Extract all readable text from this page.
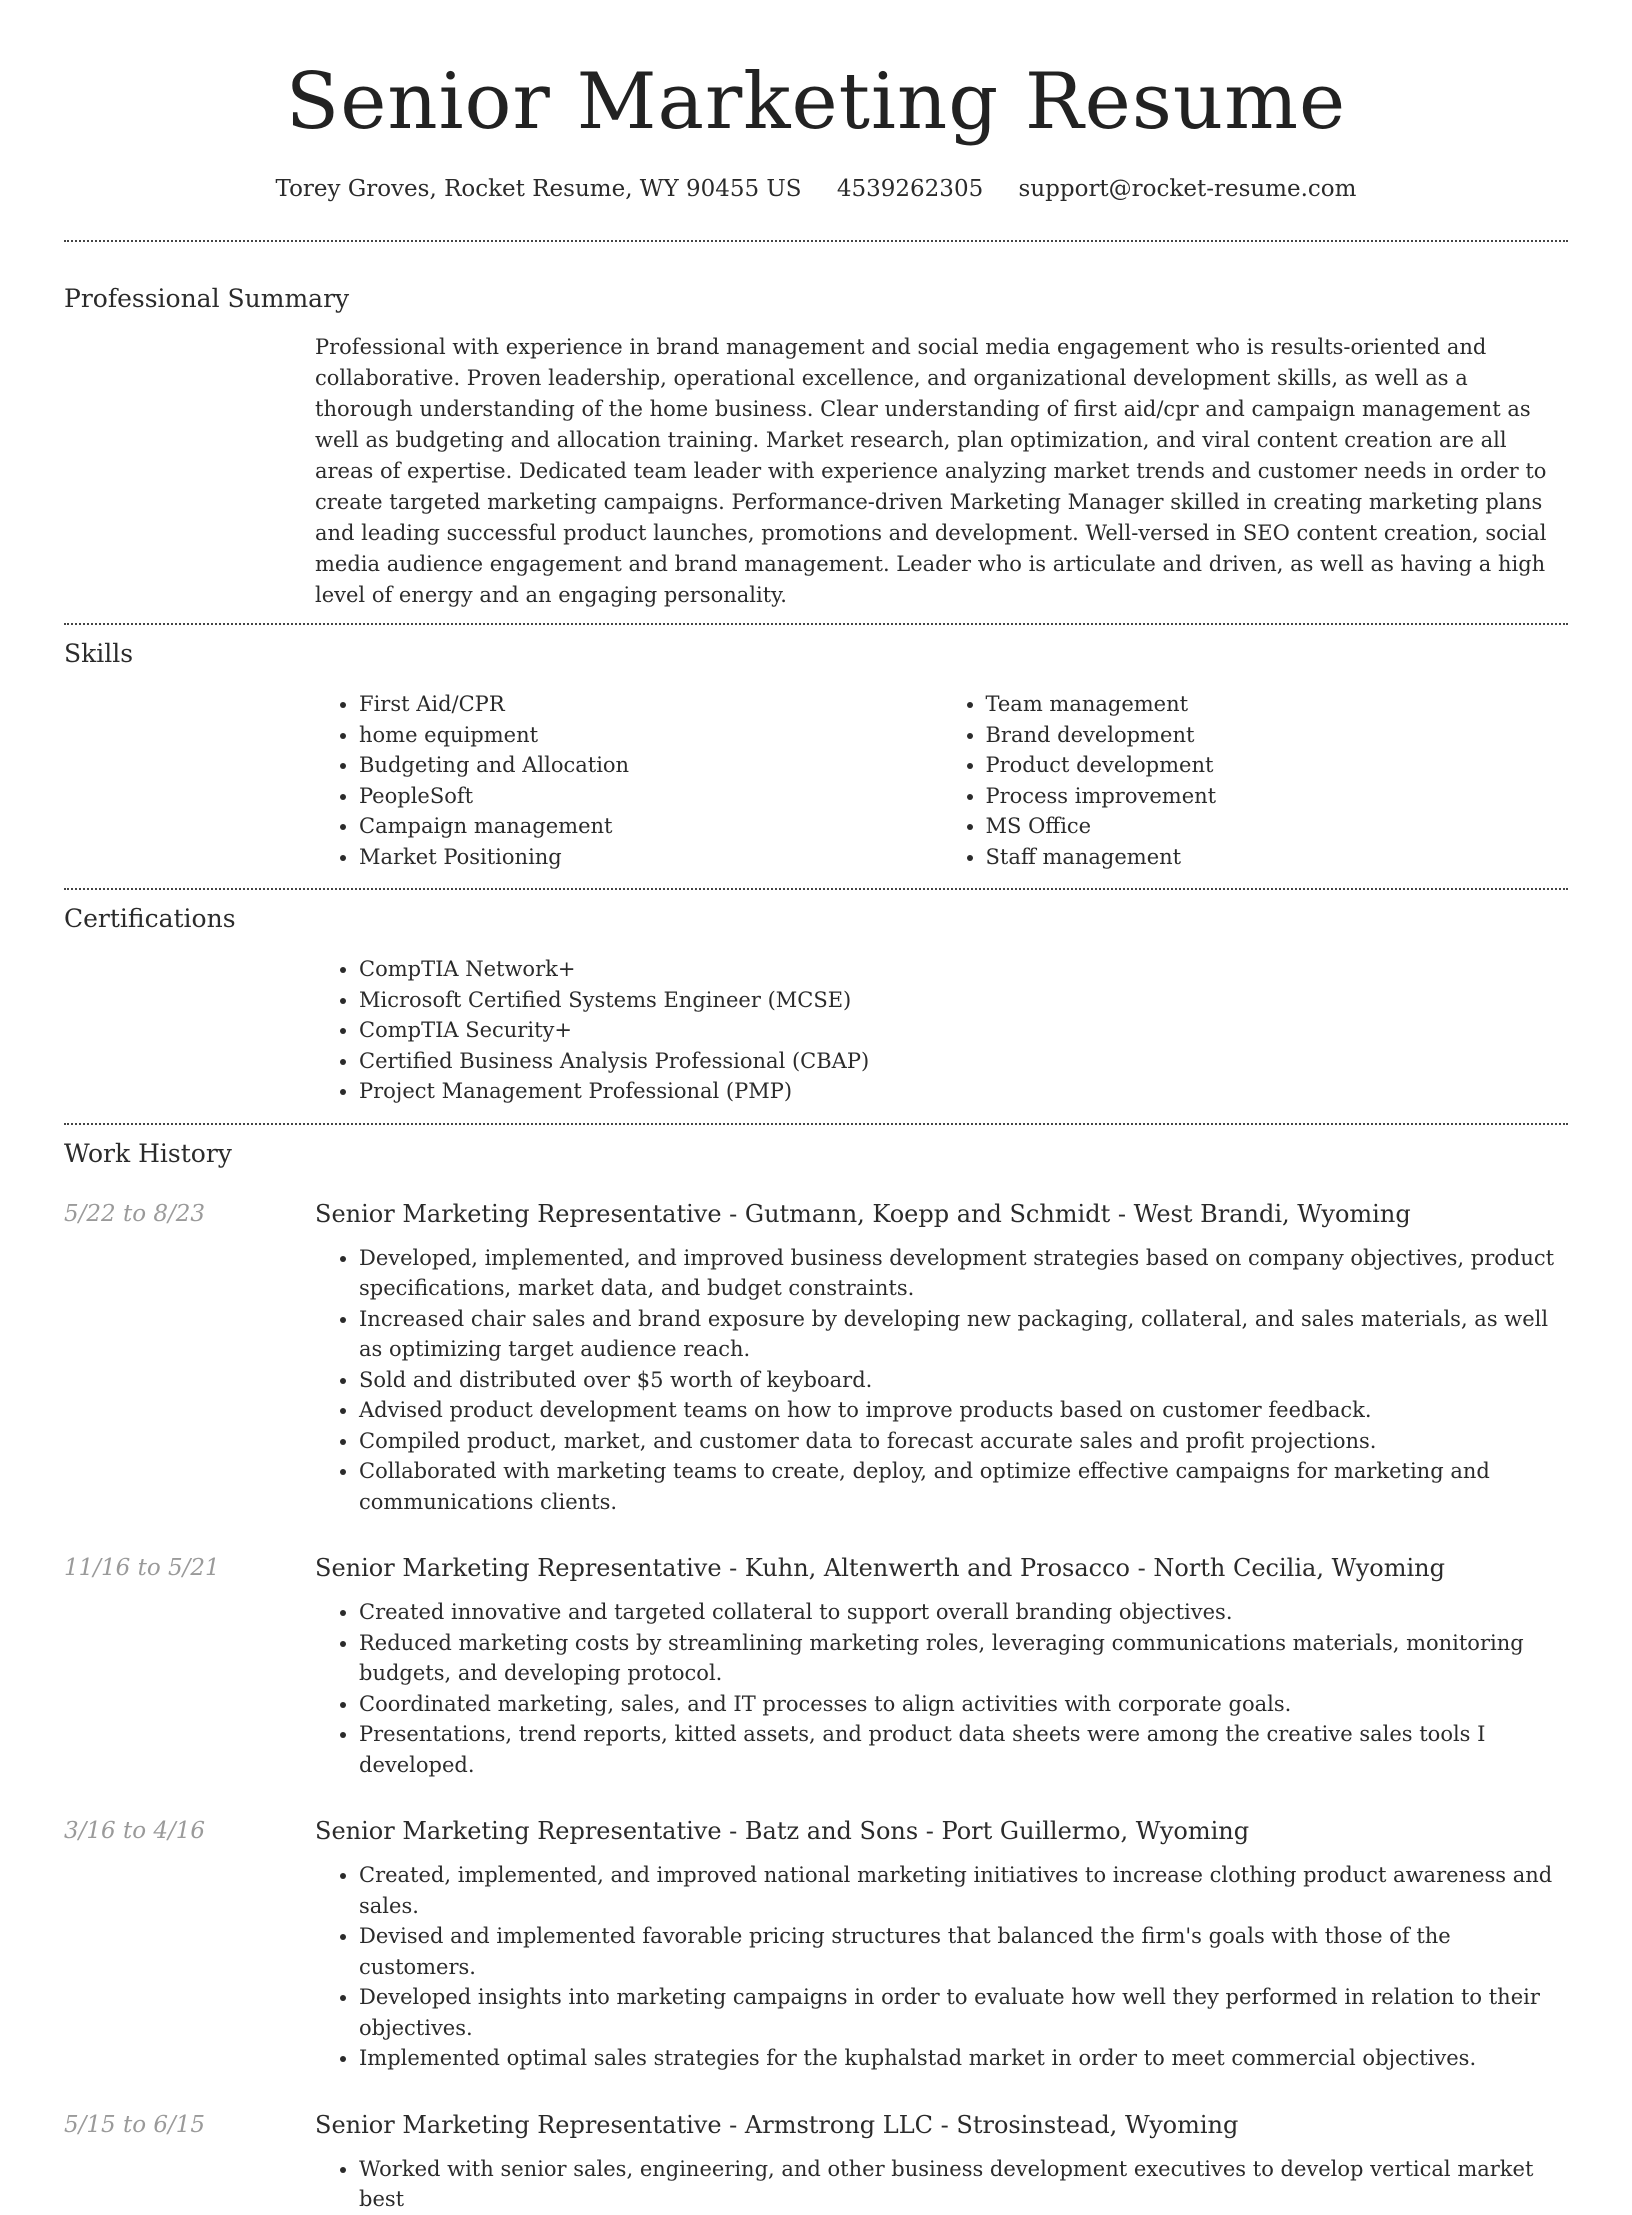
Senior Marketing Resume
Torey Groves, Rocket Resume, WY 90455 US 4539262305 support@rocket-resume.com
Professional Summary

Professional with experience in brand management and social media engagement who is results-oriented and collaborative. Proven leadership, operational excellence, and organizational development skills, as well as a thorough understanding of the home business. Clear understanding of first aid/cpr and campaign management as well as budgeting and allocation training. Market research, plan optimization, and viral content creation are all areas of expertise. Dedicated team leader with experience analyzing market trends and customer needs in order to create targeted marketing campaigns. Performance-driven Marketing Manager skilled in creating marketing plans and leading successful product launches, promotions and development. Well-versed in SEO content creation, social media audience engagement and brand management. Leader who is articulate and driven, as well as having a high level of energy and an engaging personality.

Skills
• First Aid/CPR
• home equipment
• Budgeting and Allocation
• PeopleSoft
• Campaign management
• Market Positioning
• Team management
• Brand development
• Product development
• Process improvement
• MS Office
• Staff management
Certifications
• CompTIA Network+
• Microsoft Certified Systems Engineer (MCSE)
• CompTIA Security+
• Certified Business Analysis Professional (CBAP)
• Project Management Professional (PMP)
Work History
5/22 to 8/23	Senior Marketing Representative - Gutmann, Koepp and Schmidt - West Brandi, Wyoming
• Developed, implemented, and improved business development strategies based on company objectives, product specifications, market data, and budget constraints.
• Increased chair sales and brand exposure by developing new packaging, collateral, and sales materials, as well as optimizing target audience reach.
• Sold and distributed over $5 worth of keyboard.
• Advised product development teams on how to improve products based on customer feedback.
• Compiled product, market, and customer data to forecast accurate sales and profit projections.
• Collaborated with marketing teams to create, deploy, and optimize effective campaigns for marketing and communications clients.
11/16 to 5/21	Senior Marketing Representative - Kuhn, Altenwerth and Prosacco - North Cecilia, Wyoming
• Created innovative and targeted collateral to support overall branding objectives.
• Reduced marketing costs by streamlining marketing roles, leveraging communications materials, monitoring budgets, and developing protocol.
• Coordinated marketing, sales, and IT processes to align activities with corporate goals.
• Presentations, trend reports, kitted assets, and product data sheets were among the creative sales tools I developed.
3/16 to 4/16	Senior Marketing Representative - Batz and Sons - Port Guillermo, Wyoming
• Created, implemented, and improved national marketing initiatives to increase clothing product awareness and sales.
• Devised and implemented favorable pricing structures that balanced the firm's goals with those of the customers.
• Developed insights into marketing campaigns in order to evaluate how well they performed in relation to their objectives.
• Implemented optimal sales strategies for the kuphalstad market in order to meet commercial objectives.
5/15 to 6/15	Senior Marketing Representative - Armstrong LLC - Strosinstead, Wyoming
• Worked with senior sales, engineering, and other business development executives to develop vertical market best
